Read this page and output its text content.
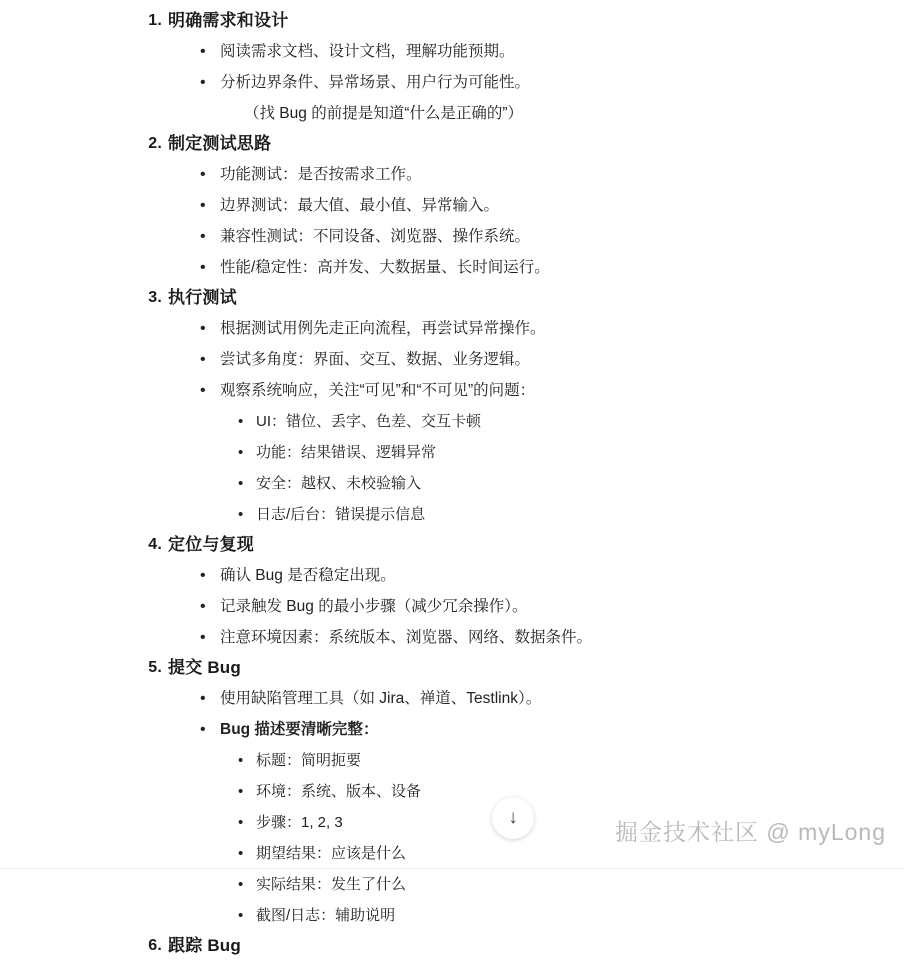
明确需求和设计
• 阅读需求文档、设计文档，理解功能预期。
• 分析边界条件、异常场景、用户行为可能性。
（找 Bug 的前提是知道“什么是正确的”）
制定测试思路
• 功能测试：是否按需求工作。
• 边界测试：最大值、最小值、异常输入。
• 兼容性测试：不同设备、浏览器、操作系统。
• 性能/稳定性：高并发、大数据量、长时间运行。
执行测试
• 根据测试用例先走正向流程，再尝试异常操作。
• 尝试多角度：界面、交互、数据、业务逻辑。
• 观察系统响应，关注“可见”和“不可见”的问题：
• UI：错位、丢字、色差、交互卡顿
• 功能：结果错误、逻辑异常
• 安全：越权、未校验输入
• 日志/后台：错误提示信息
定位与复现
• 确认 Bug 是否稳定出现。
• 记录触发 Bug 的最小步骤（减少冗余操作）。
• 注意环境因素：系统版本、浏览器、网络、数据条件。
提交 Bug
• 使用缺陷管理工具（如 Jira、禅道、Testlink）。
• Bug 描述要清晰完整：
• 标题：简明扼要
• 环境：系统、版本、设备
• 步骤：1, 2, 3
• 期望结果：应该是什么
• 实际结果：发生了什么
• 截图/日志：辅助说明
跟踪 Bug
↓
掘金技术社区 @ myLong
